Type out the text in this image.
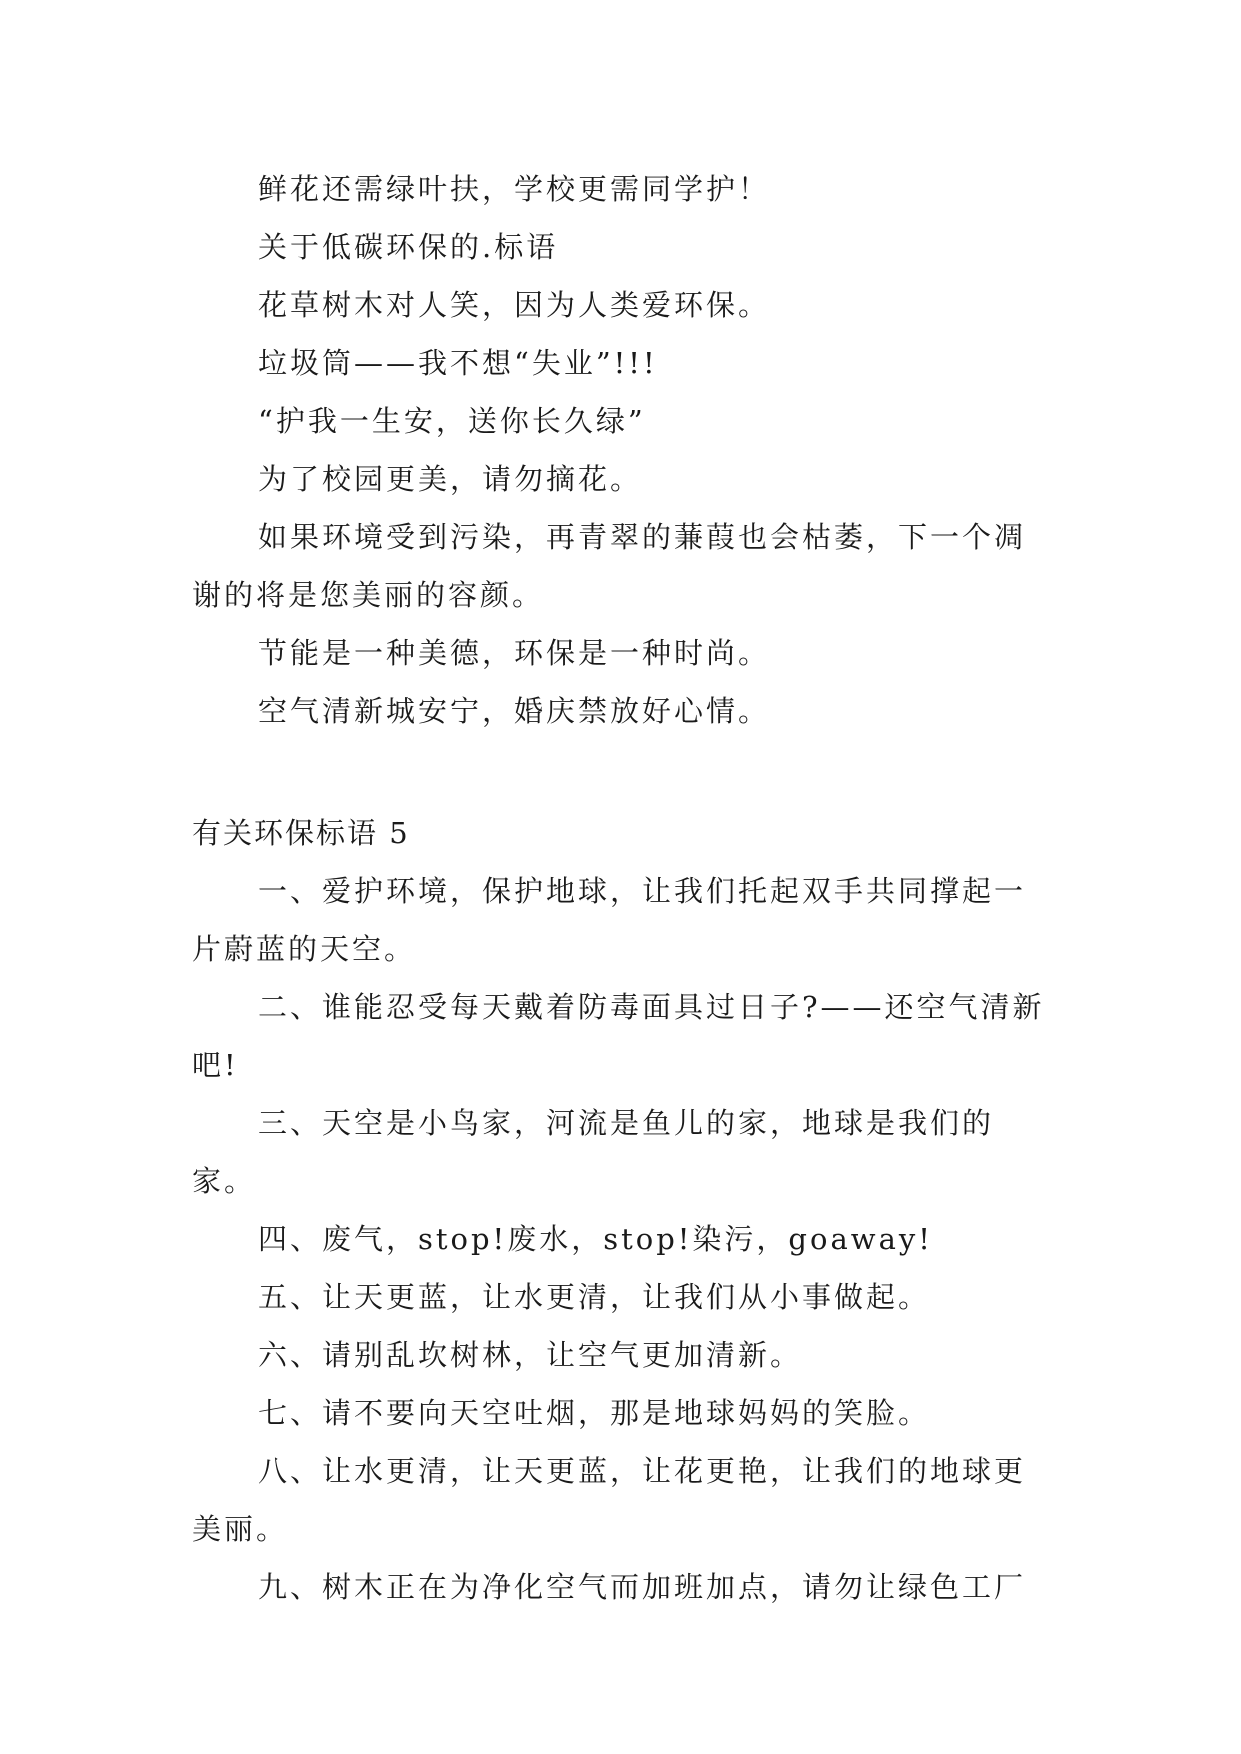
鲜花还需绿叶扶，学校更需同学护！

关于低碳环保的.标语

花草树木对人笑，因为人类爱环保。

垃圾筒——我不想“失业”!!!

“护我一生安，送你长久绿”

为了校园更美，请勿摘花。

如果环境受到污染，再青翠的蒹葭也会枯萎，下一个凋谢的将是您美丽的容颜。

节能是一种美德，环保是一种时尚。

空气清新城安宁，婚庆禁放好心情。

有关环保标语 5

一、爱护环境，保护地球，让我们托起双手共同撑起一片蔚蓝的天空。

二、谁能忍受每天戴着防毒面具过日子?——还空气清新吧!

三、天空是小鸟家，河流是鱼儿的家，地球是我们的家。

四、废气，stop!废水，stop!染污，goaway!

五、让天更蓝，让水更清，让我们从小事做起。

六、请别乱坎树林，让空气更加清新。

七、请不要向天空吐烟，那是地球妈妈的笑脸。

八、让水更清，让天更蓝，让花更艳，让我们的地球更美丽。

九、树木正在为净化空气而加班加点，请勿让绿色工厂
